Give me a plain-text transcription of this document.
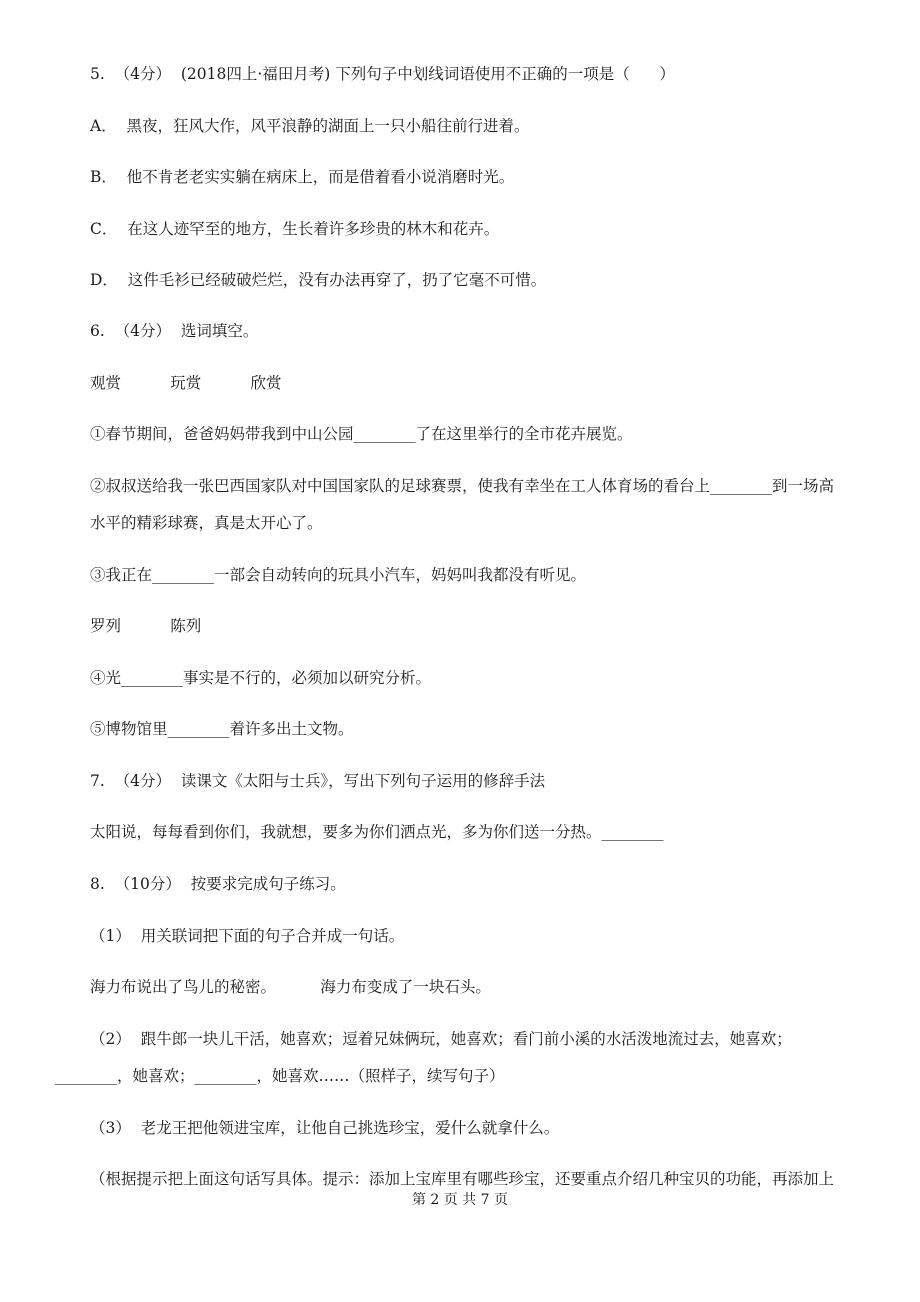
5.  （4分）  (2018四上·福田月考) 下列句子中划线词语使用不正确的一项是（      ）
A．  黑夜，狂风大作，风平浪静的湖面上一只小船往前行进着。
B．  他不肯老老实实躺在病床上，而是借着看小说消磨时光。
C．  在这人迹罕至的地方，生长着许多珍贵的林木和花卉。
D．  这件毛衫已经破破烂烂，没有办法再穿了，扔了它毫不可惜。
6.  （4分）  选词填空。
观赏          玩赏          欣赏
①春节期间，爸爸妈妈带我到中山公园________了在这里举行的全市花卉展览。
②叔叔送给我一张巴西国家队对中国国家队的足球赛票，使我有幸坐在工人体育场的看台上________到一场高
水平的精彩球赛，真是太开心了。
③我正在________一部会自动转向的玩具小汽车，妈妈叫我都没有听见。
罗列          陈列
④光________事实是不行的，必须加以研究分析。
⑤博物馆里________着许多出土文物。
7.  （4分）  读课文《太阳与士兵》，写出下列句子运用的修辞手法
太阳说，每每看到你们，我就想，要多为你们洒点光，多为你们送一分热。________
8.  （10分）  按要求完成句子练习。
（1）  用关联词把下面的句子合并成一句话。
海力布说出了鸟儿的秘密。         海力布变成了一块石头。
（2）  跟牛郎一块儿干活，她喜欢；逗着兄妹俩玩，她喜欢；看门前小溪的水活泼地流过去，她喜欢；
________，她喜欢；________，她喜欢……（照样子，续写句子）
（3）  老龙王把他领进宝库，让他自己挑选珍宝，爱什么就拿什么。
（根据提示把上面这句话写具体。提示：添加上宝库里有哪些珍宝，还要重点介绍几种宝贝的功能，再添加上
第 2 页 共 7 页
